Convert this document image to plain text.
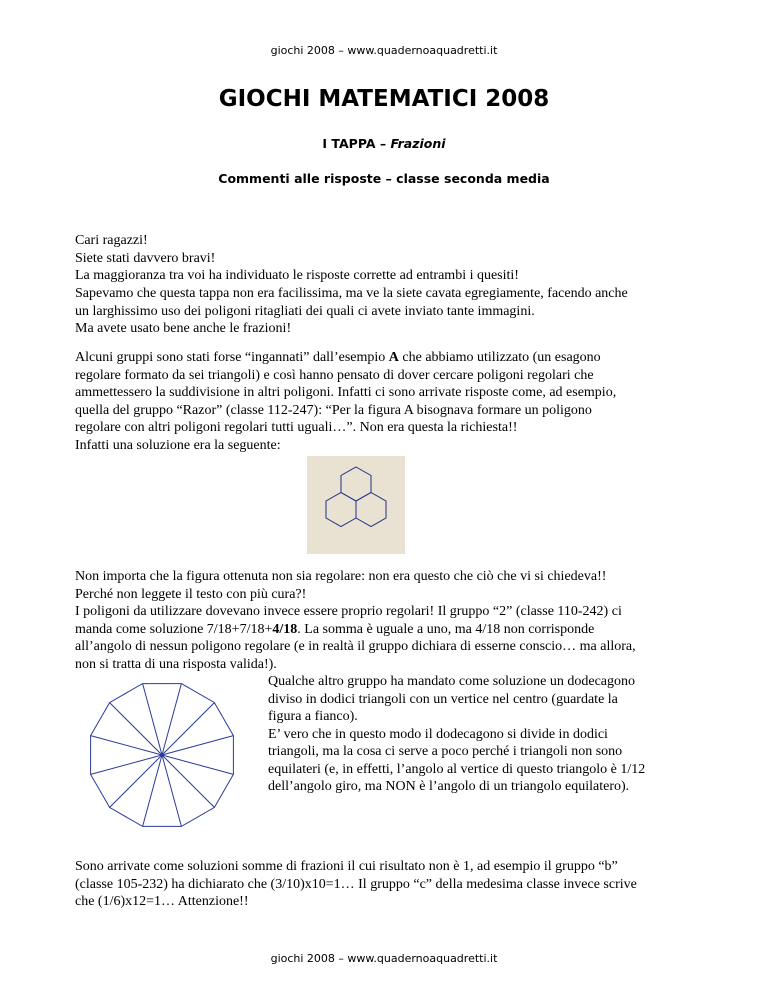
giochi 2008 – www.quadernoaquadretti.it
GIOCHI MATEMATICI 2008
I TAPPA – Frazioni
Commenti alle risposte – classe seconda media
Cari ragazzi!
Siete stati davvero bravi!
La maggioranza tra voi ha individuato le risposte corrette ad entrambi i quesiti!
Sapevamo che questa tappa non era facilissima, ma ve la siete cavata egregiamente, facendo anche
un larghissimo uso dei poligoni ritagliati dei quali ci avete inviato tante immagini.
Ma avete usato bene anche le frazioni!
Alcuni gruppi sono stati forse “ingannati” dall’esempio A che abbiamo utilizzato (un esagono
regolare formato da sei triangoli) e così hanno pensato di dover cercare poligoni regolari che
ammettessero la suddivisione in altri poligoni. Infatti ci sono arrivate risposte come, ad esempio,
quella del gruppo “Razor” (classe 112-247): “Per la figura A bisognava formare un poligono
regolare con altri poligoni regolari tutti uguali…”. Non era questa la richiesta!!
Infatti una soluzione era la seguente:
Non importa che la figura ottenuta non sia regolare: non era questo che ciò che vi si chiedeva!!
Perché non leggete il testo con più cura?!
I poligoni da utilizzare dovevano invece essere proprio regolari! Il gruppo “2” (classe 110-242) ci
manda come soluzione 7/18+7/18+4/18. La somma è uguale a uno, ma 4/18 non corrisponde
all’angolo di nessun poligono regolare (e in realtà il gruppo dichiara di esserne conscio… ma allora,
non si tratta di una risposta valida!).
Qualche altro gruppo ha mandato come soluzione un dodecagono
diviso in dodici triangoli con un vertice nel centro (guardate la
figura a fianco).
E’ vero che in questo modo il dodecagono si divide in dodici
triangoli, ma la cosa ci serve a poco perché i triangoli non sono
equilateri (e, in effetti, l’angolo al vertice di questo triangolo è 1/12
dell’angolo giro, ma NON è l’angolo di un triangolo equilatero).
Sono arrivate come soluzioni somme di frazioni il cui risultato non è 1, ad esempio il gruppo “b”
(classe 105-232) ha dichiarato che (3/10)x10=1… Il gruppo “c” della medesima classe invece scrive
che (1/6)x12=1… Attenzione!!
giochi 2008 – www.quadernoaquadretti.it
